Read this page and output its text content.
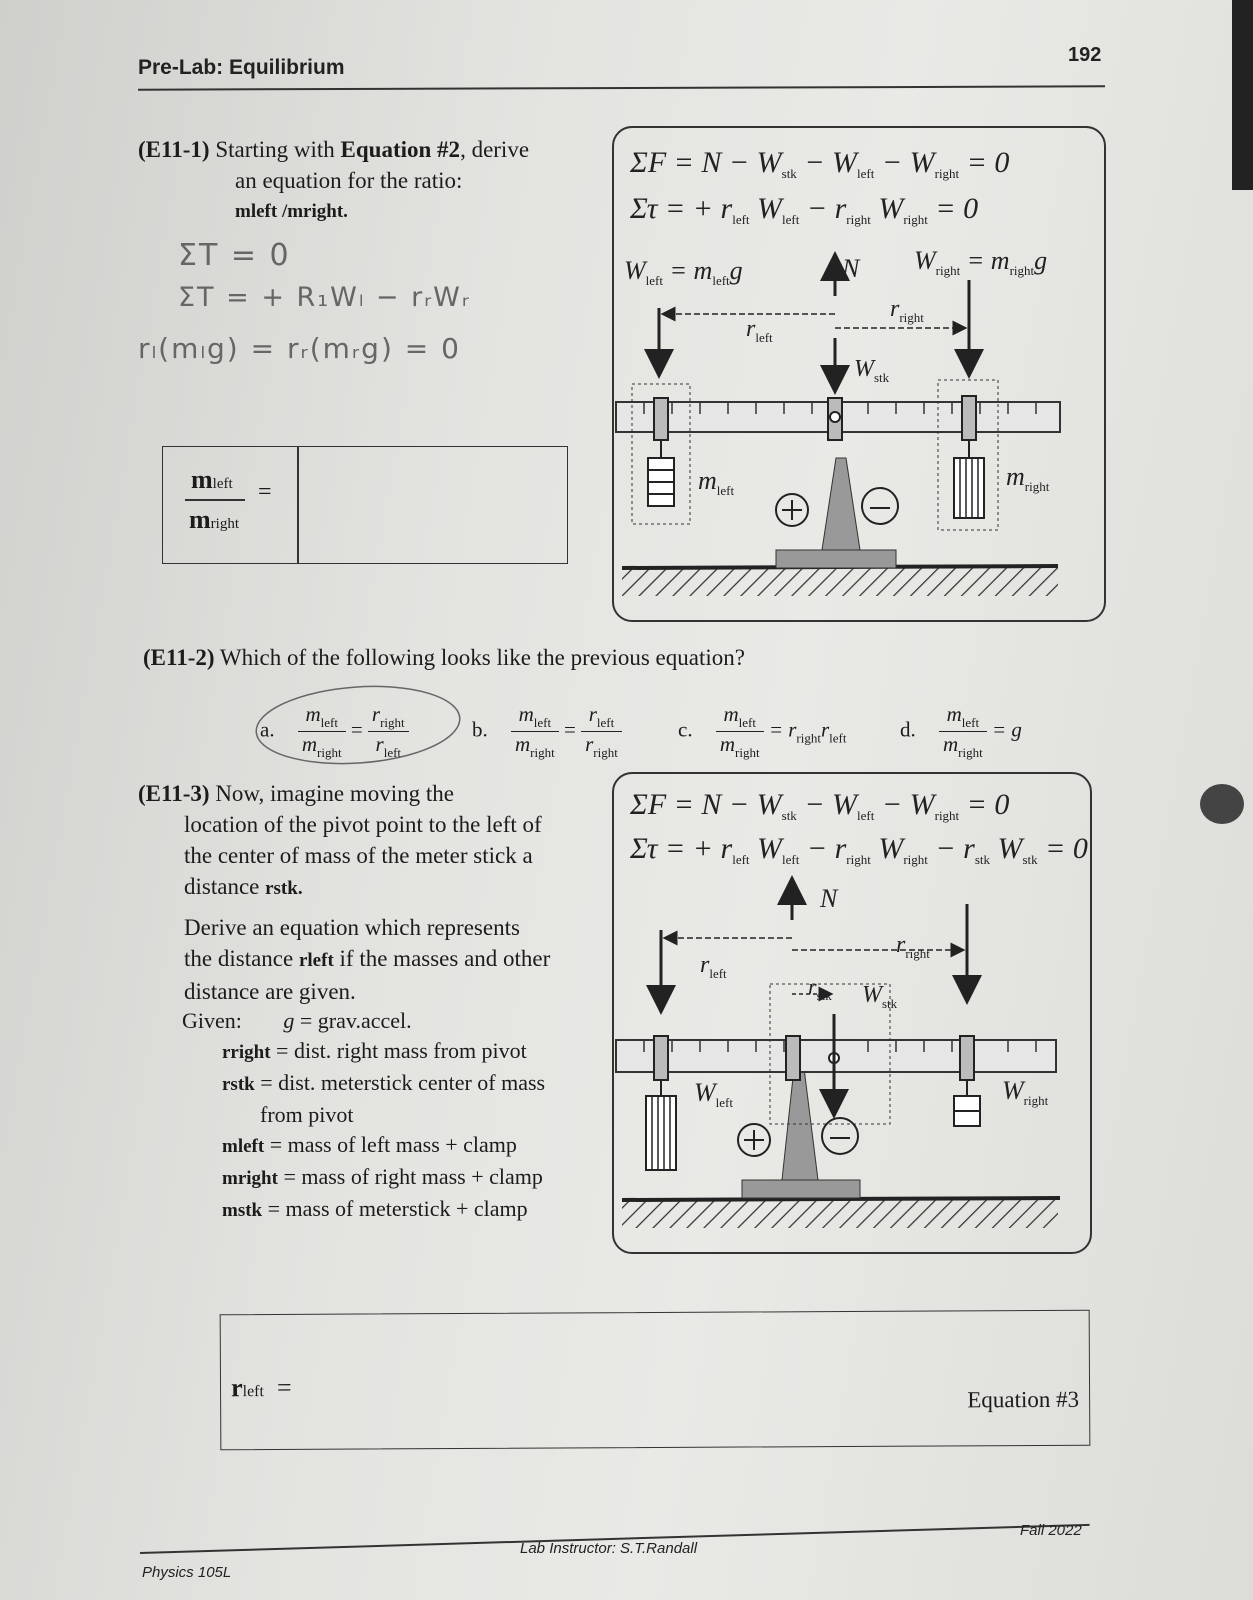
Pre-Lab: Equilibrium
192
(E11-1) Starting with Equation #2, derive
an equation for the ratio:
mleft /mright.
ΣT = 0
ΣT = + R₁Wₗ − rᵣWᵣ
rₗ(mₗg) = rᵣ(mᵣg) = 0
mleft =
mright
$\Sigma F = N - W_{stk} - W_{left} - W_{right} = 0$
Στ = + $r_{left}$ $W_{left} - r_{right}$ $W_{right} = 0$
$W_{left} = m_{left}g$	N $W_{right} = m_{right}g$
$r_{left}$
$r_{right}$
$W_{stk}$
$m_{left}$	$m_{right}$
(E11-2) Which of the following looks like the previous equation?
a. $\frac{m_{left}}{m_{right}} = \frac{r_{right}}{r_{left}}$	b. $\frac{m_{left}}{m_{right}} = \frac{r_{left}}{r_{right}}$	c. $\frac{m_{left}}{m_{right}} = r_{right}r_{left}$	d. $\frac{m_{left}}{m_{right}} = g$
(E11-3) Now, imagine moving the
location of the pivot point to the left of
the center of mass of the meter stick a
distance rstk.
Derive an equation which represents
the distance rleft if the masses and other
distance are given.
Given: g = grav.accel.
rright = dist. right mass from pivot
rstk = dist. meterstick center of mass
from pivot
mleft = mass of left mass + clamp
mright = mass of right mass + clamp
mstk = mass of meterstick + clamp
$\Sigma F = N - W_{stk} - W_{left} - W_{right} = 0$
Στ = + $r_{left}$ $W_{left} - r_{right}$ $W_{right} - r_{stk}$ $W_{stk} = 0$
N
$r_{left}$
$r_{right}$
$r_{stk}$ $W_{stk}$
$W_{left}$	$W_{right}$
rleft =	Equation #3
Physics 105L
Lab Instructor: S.T.Randall
Fall 2022
